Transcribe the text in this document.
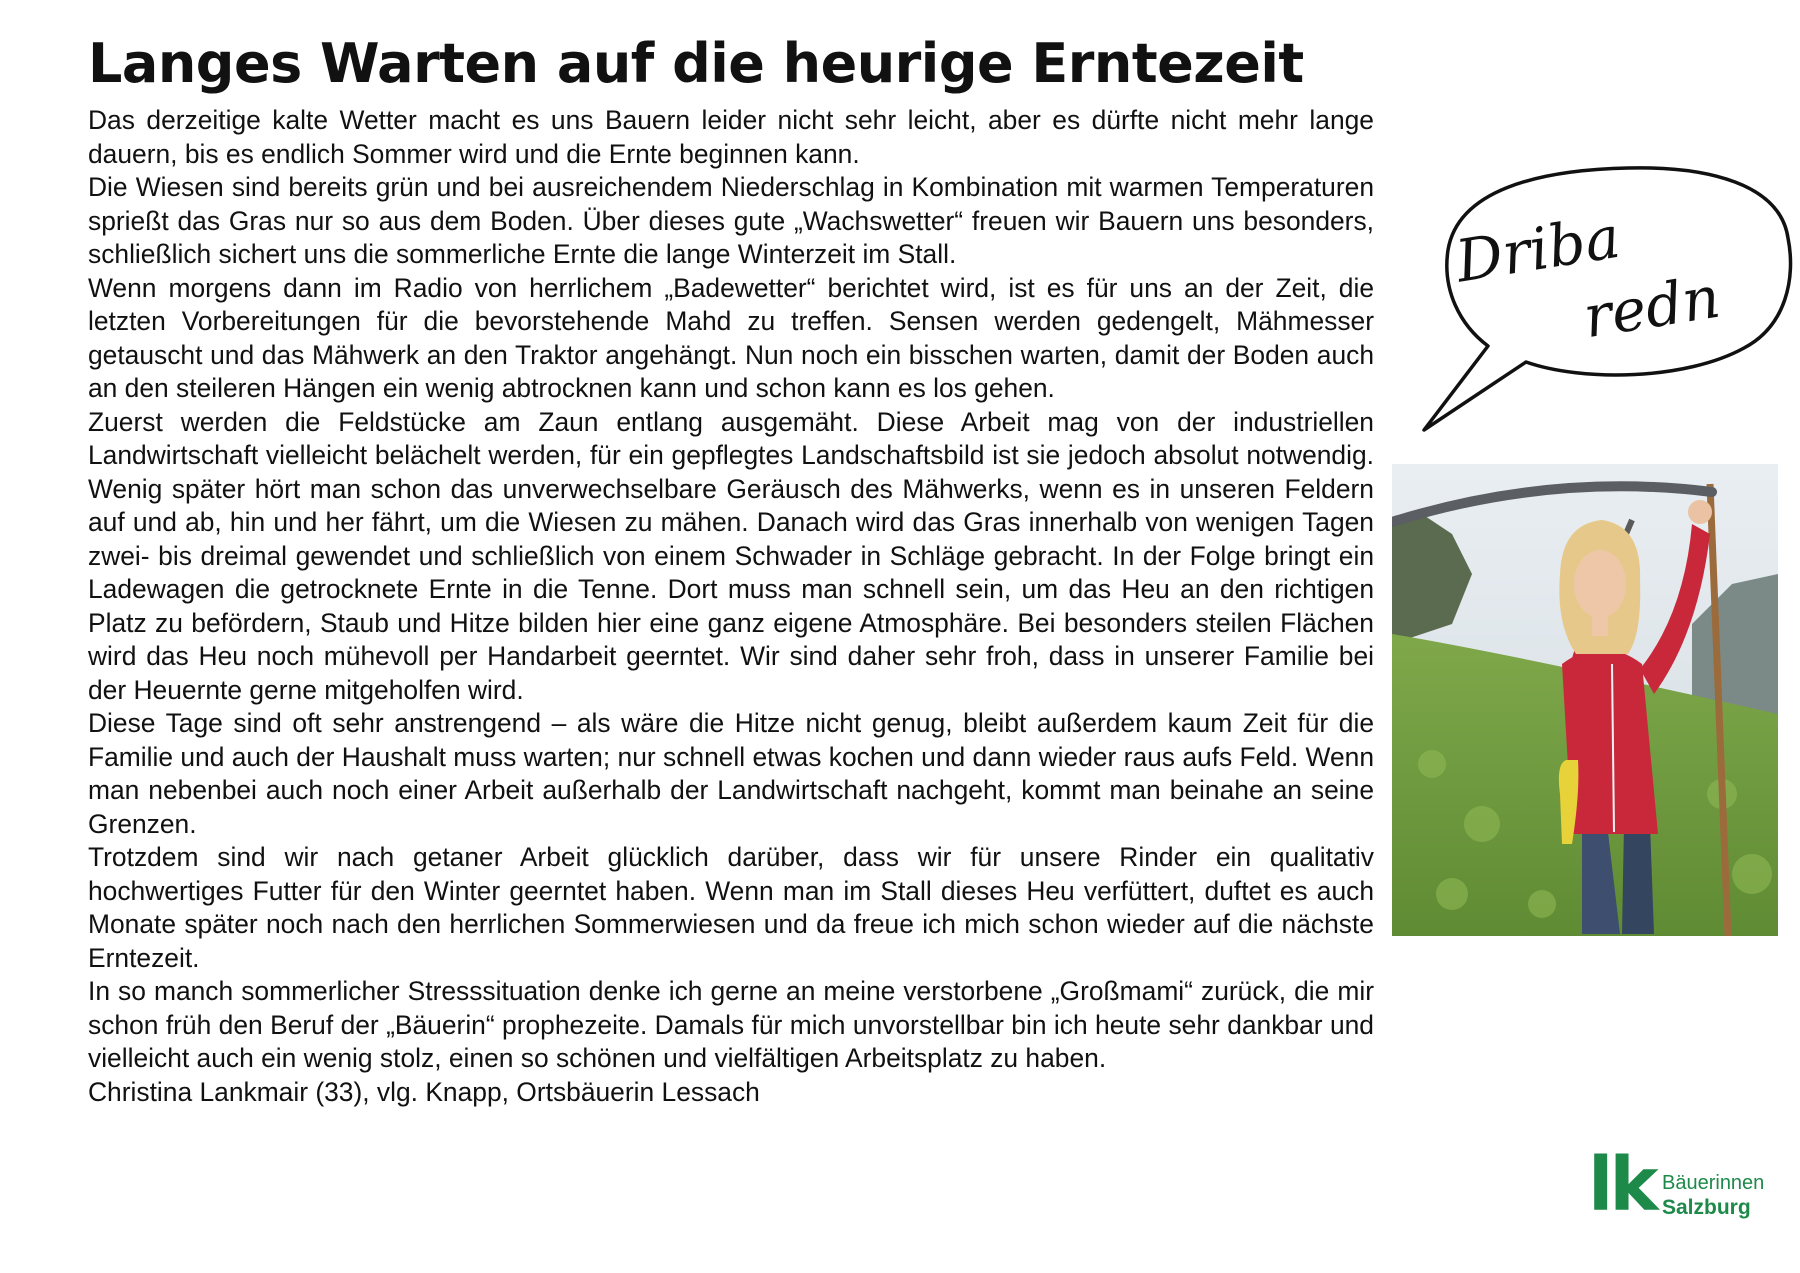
Langes Warten auf die heurige Erntezeit

Das derzeitige kalte Wetter macht es uns Bauern leider nicht sehr leicht, aber es dürfte nicht mehr lange dauern, bis es endlich Sommer wird und die Ernte beginnen kann.

Die Wiesen sind bereits grün und bei ausreichendem Niederschlag in Kombination mit warmen Temperaturen sprießt das Gras nur so aus dem Boden. Über dieses gute „Wachswetter“ freuen wir Bauern uns besonders, schließlich sichert uns die sommerliche Ernte die lange Winterzeit im Stall.

Wenn morgens dann im Radio von herrlichem „Badewetter“ berichtet wird, ist es für uns an der Zeit, die letzten Vorbereitungen für die bevorstehende Mahd zu treffen. Sensen werden gedengelt, Mähmesser getauscht und das Mähwerk an den Traktor angehängt. Nun noch ein bisschen warten, damit der Boden auch an den steileren Hängen ein wenig abtrocknen kann und schon kann es los gehen.

Zuerst werden die Feldstücke am Zaun entlang ausgemäht. Diese Arbeit mag von der industriellen Landwirtschaft vielleicht belächelt werden, für ein gepflegtes Landschaftsbild ist sie jedoch absolut notwendig. Wenig später hört man schon das unverwechselbare Geräusch des Mähwerks, wenn es in unseren Feldern auf und ab, hin und her fährt, um die Wiesen zu mähen. Danach wird das Gras innerhalb von wenigen Tagen zwei- bis dreimal gewendet und schließlich von einem Schwader in Schläge gebracht. In der Folge bringt ein Ladewagen die getrocknete Ernte in die Tenne. Dort muss man schnell sein, um das Heu an den richtigen Platz zu befördern, Staub und Hitze bilden hier eine ganz eigene Atmosphäre. Bei besonders steilen Flächen wird das Heu noch mühevoll per Handarbeit geerntet. Wir sind daher sehr froh, dass in unserer Familie bei der Heuernte gerne mitgeholfen wird.

Diese Tage sind oft sehr anstrengend – als wäre die Hitze nicht genug, bleibt außerdem kaum Zeit für die Familie und auch der Haushalt muss warten; nur schnell etwas kochen und dann wieder raus aufs Feld. Wenn man nebenbei auch noch einer Arbeit außerhalb der Landwirtschaft nachgeht, kommt man beinahe an seine Grenzen.

Trotzdem sind wir nach getaner Arbeit glücklich darüber, dass wir für unsere Rinder ein qualitativ hochwertiges Futter für den Winter geerntet haben. Wenn man im Stall dieses Heu verfüttert, duftet es auch Monate später noch nach den herrlichen Sommerwiesen und da freue ich mich schon wieder auf die nächste Erntezeit.

In so manch sommerlicher Stresssituation denke ich gerne an meine verstorbene „Großmami“ zurück, die mir schon früh den Beruf der „Bäuerin“ prophezeite. Damals für mich unvorstellbar bin ich heute sehr dankbar und vielleicht auch ein wenig stolz, einen so schönen und vielfältigen Arbeitsplatz zu haben.

Christina Lankmair (33), vlg. Knapp, Ortsbäuerin Lessach

Driba
redn
lk Bäuerinnen
Salzburg
